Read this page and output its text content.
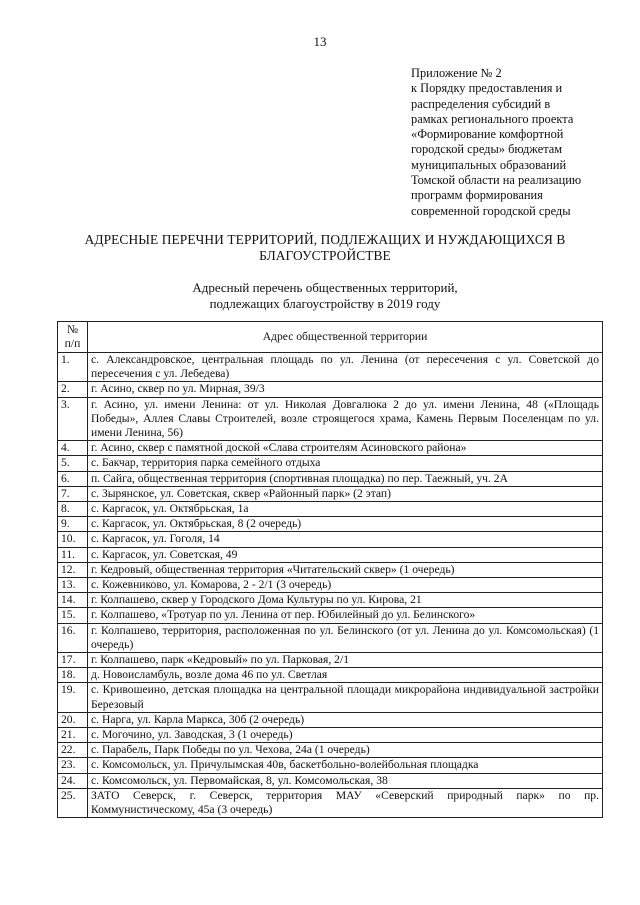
13
Приложение № 2
к Порядку предоставления и
распределения субсидий в
рамках регионального проекта
«Формирование комфортной
городской среды» бюджетам
муниципальных образований
Томской области на реализацию
программ формирования
современной городской среды
АДРЕСНЫЕ ПЕРЕЧНИ ТЕРРИТОРИЙ, ПОДЛЕЖАЩИХ И НУЖДАЮЩИХСЯ В
БЛАГОУСТРОЙСТВЕ
Адресный перечень общественных территорий,
подлежащих благоустройству в 2019 году
№
п/п	Адрес общественной территории
1.	с. Александровское, центральная площадь по ул. Ленина (от пересечения с ул. Советской до пересечения с ул. Лебедева)
2.	г. Асино, сквер по ул. Мирная, 39/3
3.	г. Асино, ул. имени Ленина: от ул. Николая Довгалюка 2 до ул. имени Ленина, 48 («Площадь Победы», Аллея Славы Строителей, возле строящегося храма, Камень Первым Поселенцам по ул. имени Ленина, 56)
4.	г. Асино, сквер с памятной доской «Слава строителям Асиновского района»
5.	с. Бакчар, территория парка семейного отдыха
6.	п. Сайга, общественная территория (спортивная площадка) по пер. Таежный, уч. 2А
7.	с. Зырянское, ул. Советская, сквер «Районный парк» (2 этап)
8.	с. Каргасок, ул. Октябрьская, 1а
9.	с. Каргасок, ул. Октябрьская, 8 (2 очередь)
10.	с. Каргасок, ул. Гоголя, 14
11.	с. Каргасок, ул. Советская, 49
12.	г. Кедровый, общественная территория «Читательский сквер» (1 очередь)
13.	с. Кожевниково, ул. Комарова, 2 - 2/1 (3 очередь)
14.	г. Колпашево, сквер у Городского Дома Культуры по ул. Кирова, 21
15.	г. Колпашево, «Тротуар по ул. Ленина от пер. Юбилейный до ул. Белинского»
16.	г. Колпашево, территория, расположенная по ул. Белинского (от ул. Ленина до ул. Комсомольская) (1 очередь)
17.	г. Колпашево, парк «Кедровый» по ул. Парковая, 2/1
18.	д. Новоисламбуль, возле дома 46 по ул. Светлая
19.	с. Кривошеино, детская площадка на центральной площади микрорайона индивидуальной застройки Березовый
20.	с. Нарга, ул. Карла Маркса, 30б (2 очередь)
21.	с. Могочино, ул. Заводская, 3 (1 очередь)
22.	с. Парабель, Парк Победы по ул. Чехова, 24а (1 очередь)
23.	с. Комсомольск, ул. Причулымская 40в, баскетбольно-волейбольная площадка
24.	с. Комсомольск, ул. Первомайская, 8, ул. Комсомольская, 38
25.	ЗАТО Северск, г. Северск, территория МАУ «Северский природный парк» по пр. Коммунистическому, 45а (3 очередь)
